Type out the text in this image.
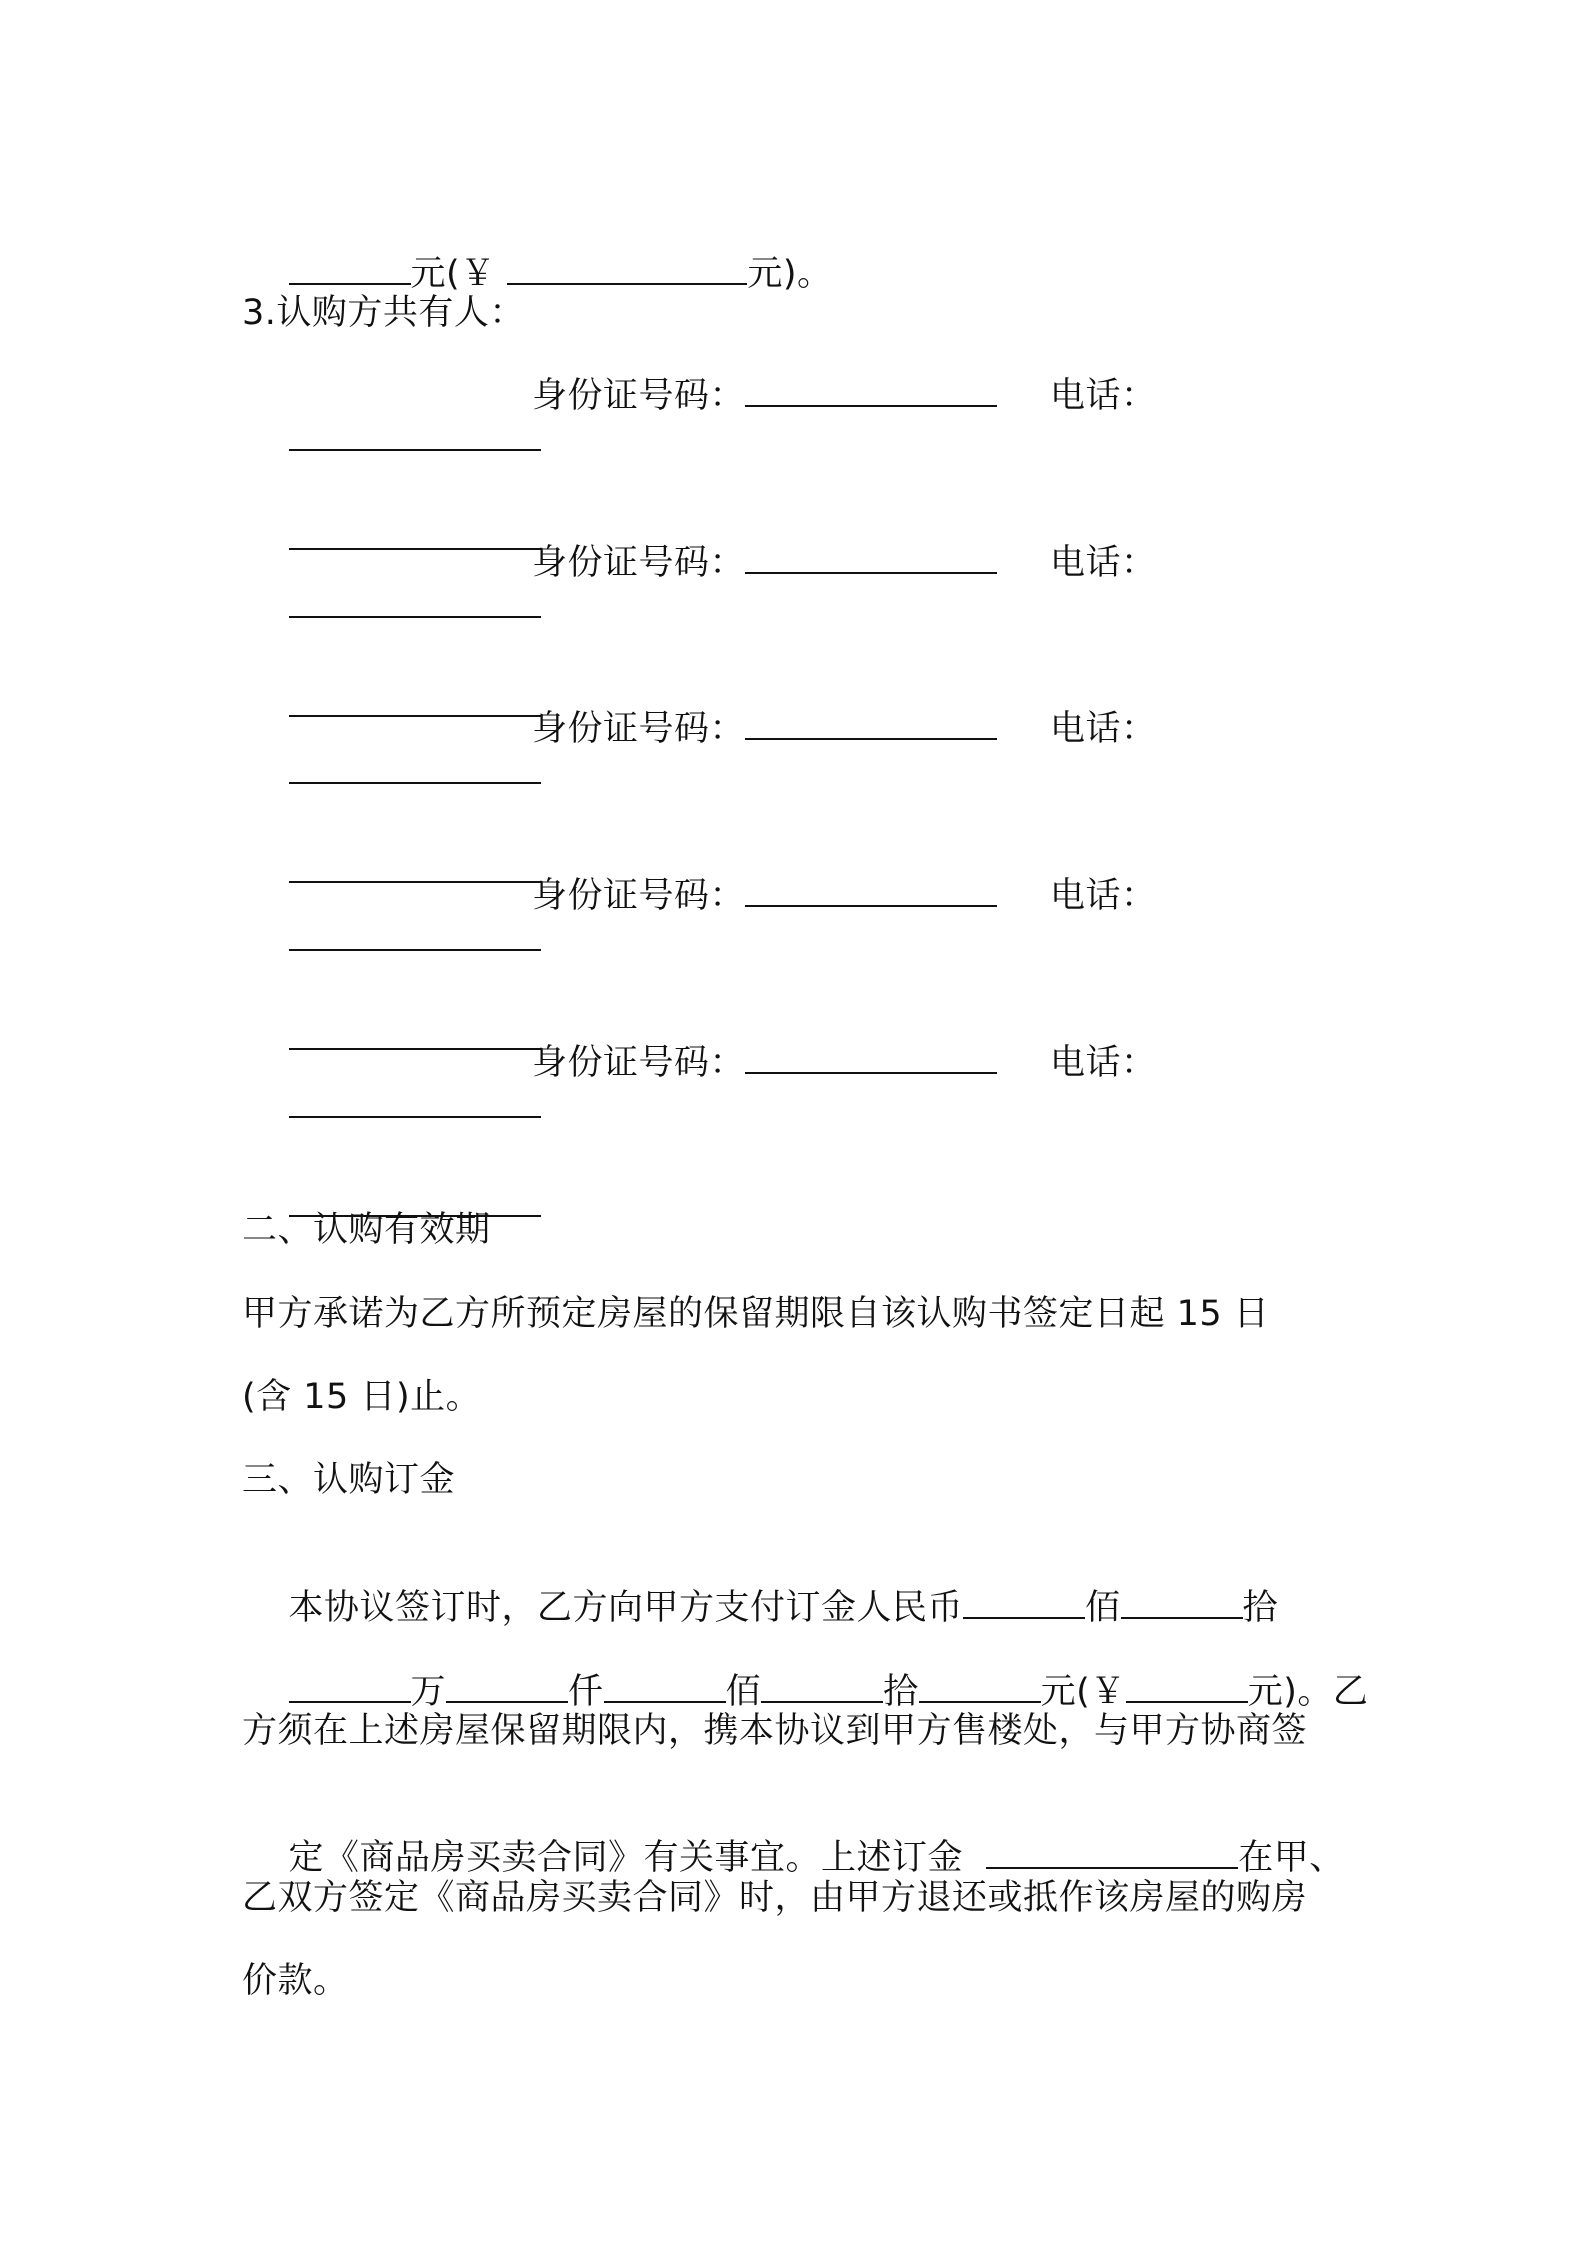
元(￥	元)。

3.认购方共有人：

身份证号码：

	电话：

身份证号码：

	电话：

身份证号码：

	电话：

身份证号码：

	电话：

身份证号码：

	电话：

二、认购有效期
甲方承诺为乙方所预定房屋的保留期限自该认购书签定日起 15 日
(含 15 日)止。
三、认购订金

本协议签订时，乙方向甲方支付订金人民币	佰	拾

万	仟	佰	拾	元(￥	元)。乙

方须在上述房屋保留期限内，携本协议到甲方售楼处，与甲方协商签

定《商品房买卖合同》有关事宜。上述订金	在甲、

乙双方签定《商品房买卖合同》时，由甲方退还或抵作该房屋的购房
价款。
